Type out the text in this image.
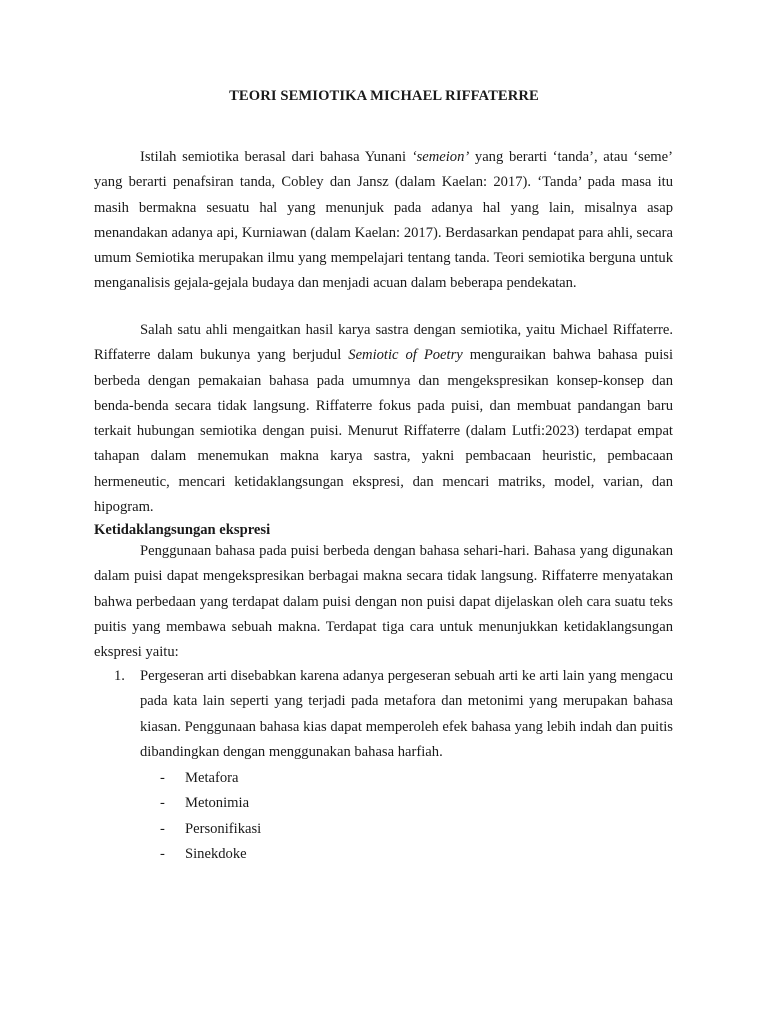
TEORI SEMIOTIKA MICHAEL RIFFATERRE

Istilah semiotika berasal dari bahasa Yunani ‘semeion’ yang berarti ‘tanda’, atau ‘seme’ yang berarti penafsiran tanda, Cobley dan Jansz (dalam Kaelan: 2017). ‘Tanda’ pada masa itu masih bermakna sesuatu hal yang menunjuk pada adanya hal yang lain, misalnya asap menandakan adanya api, Kurniawan (dalam Kaelan: 2017). Berdasarkan pendapat para ahli, secara umum Semiotika merupakan ilmu yang mempelajari tentang tanda. Teori semiotika berguna untuk menganalisis gejala-gejala budaya dan menjadi acuan dalam beberapa pendekatan.

Salah satu ahli mengaitkan hasil karya sastra dengan semiotika, yaitu Michael Riffaterre. Riffaterre dalam bukunya yang berjudul Semiotic of Poetry menguraikan bahwa bahasa puisi berbeda dengan pemakaian bahasa pada umumnya dan mengekspresikan konsep-konsep dan benda-benda secara tidak langsung. Riffaterre fokus pada puisi, dan membuat pandangan baru terkait hubungan semiotika dengan puisi. Menurut Riffaterre (dalam Lutfi:2023) terdapat empat tahapan dalam menemukan makna karya sastra, yakni pembacaan heuristic, pembacaan hermeneutic, mencari ketidaklangsungan ekspresi, dan mencari matriks, model, varian, dan hipogram.

Ketidaklangsungan ekspresi

Penggunaan bahasa pada puisi berbeda dengan bahasa sehari-hari. Bahasa yang digunakan dalam puisi dapat mengekspresikan berbagai makna secara tidak langsung. Riffaterre menyatakan bahwa perbedaan yang terdapat dalam puisi dengan non puisi dapat dijelaskan oleh cara suatu teks puitis yang membawa sebuah makna. Terdapat tiga cara untuk menunjukkan ketidaklangsungan ekspresi yaitu:

1. Pergeseran arti disebabkan karena adanya pergeseran sebuah arti ke arti lain yang mengacu pada kata lain seperti yang terjadi pada metafora dan metonimi yang merupakan bahasa kiasan. Penggunaan bahasa kias dapat memperoleh efek bahasa yang lebih indah dan puitis dibandingkan dengan menggunakan bahasa harfiah.
- Metafora
- Metonimia
- Personifikasi
- Sinekdoke
